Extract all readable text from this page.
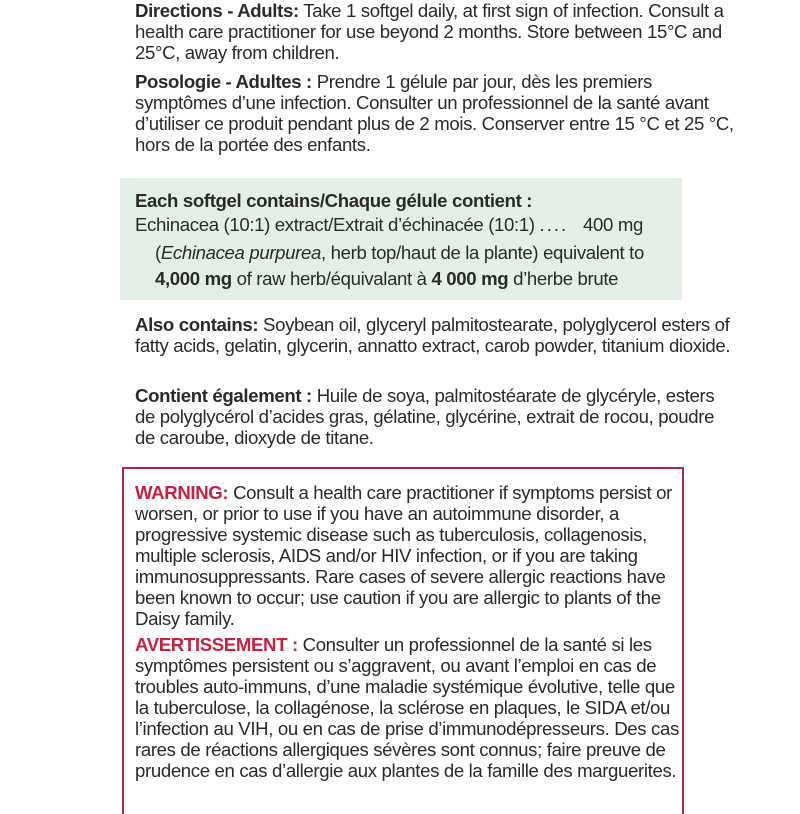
Directions - Adults: Take 1 softgel daily, at first sign of infection. Consult a health care practitioner for use beyond 2 months. Store between 15°C and 25°C, away from children.

Posologie - Adultes : Prendre 1 gélule par jour, dès les premiers symptômes d’une infection. Consulter un professionnel de la santé avant d’utiliser ce produit pendant plus de 2 mois. Conserver entre 15 °C et 25 °C, hors de la portée des enfants.

Each softgel contains/Chaque gélule contient :

Echinacea (10:1) extract/Extrait d’échinacée (10:1) .... 400 mg

(Echinacea purpurea, herb top/haut de la plante) equivalent to

4,000 mg of raw herb/équivalant à 4 000 mg d’herbe brute

Also contains: Soybean oil, glyceryl palmitostearate, polyglycerol esters of fatty acids, gelatin, glycerin, annatto extract, carob powder, titanium dioxide.

Contient également : Huile de soya, palmitostéarate de glycéryle, esters de polyglycérol d’acides gras, gélatine, glycérine, extrait de rocou, poudre de caroube, dioxyde de titane.

WARNING: Consult a health care practitioner if symptoms persist or worsen, or prior to use if you have an autoimmune disorder, a progressive systemic disease such as tuberculosis, collagenosis, multiple sclerosis, AIDS and/or HIV infection, or if you are taking immunosuppressants. Rare cases of severe allergic reactions have been known to occur; use caution if you are allergic to plants of the Daisy family.

AVERTISSEMENT : Consulter un professionnel de la santé si les symptômes persistent ou s’aggravent, ou avant l’emploi en cas de troubles auto-immuns, d’une maladie systémique évolutive, telle que la tuberculose, la collagénose, la sclérose en plaques, le SIDA et/ou l’infection au VIH, ou en cas de prise d’immunodépresseurs. Des cas rares de réactions allergiques sévères sont connus; faire preuve de prudence en cas d’allergie aux plantes de la famille des marguerites.
